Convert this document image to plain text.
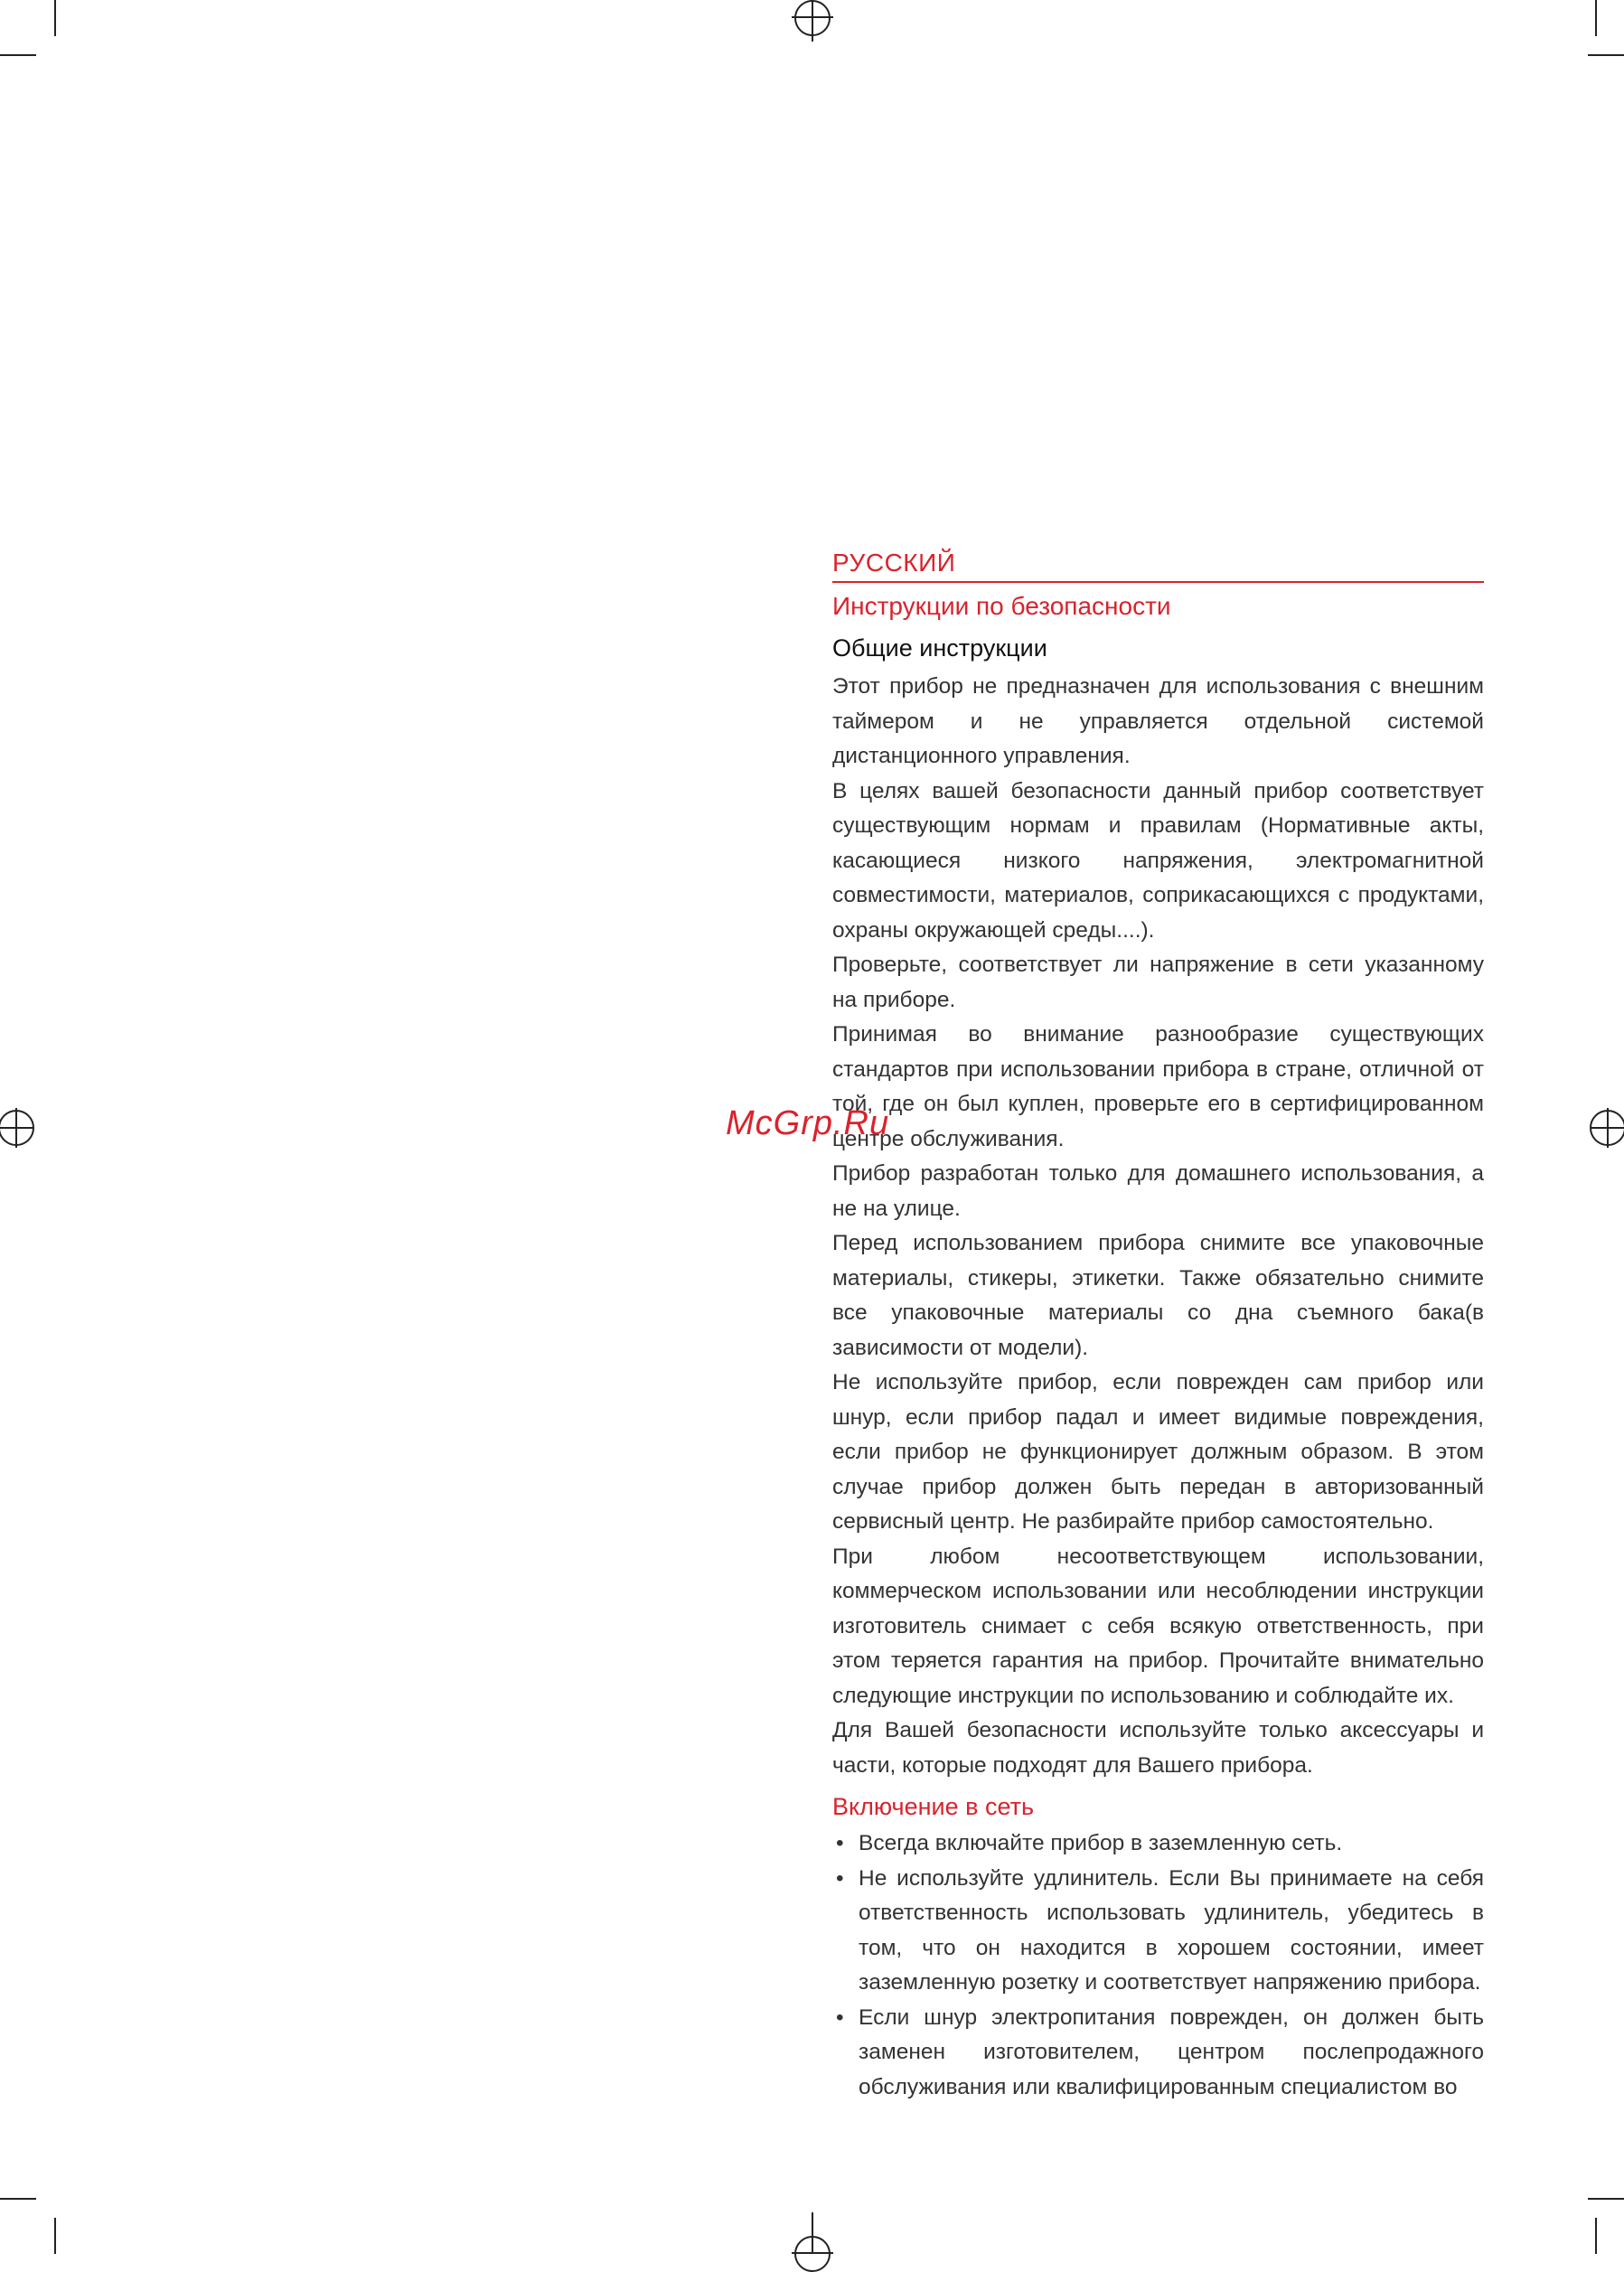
РУССКИЙ
Инструкции по безопасности
Общие инструкции

Этот прибор не предназначен для использования с внешним таймером и не управляется отдельной системой дистанционного управления.

В целях вашей безопасности данный прибор соответствует существующим нормам и правилам (Нормативные акты, касающиеся низкого напряжения, электромагнитной совместимости, материалов, соприкасающихся с продуктами, охраны окружающей среды....).

Проверьте, соответствует ли напряжение в сети указанному на приборе.

Принимая во внимание разнообразие существующих стандартов при использовании прибора в стране, отличной от той, где он был куплен, проверьте его в сертифицированном центре обслуживания.

Прибор разработан только для домашнего использования, а не на улице.

Перед использованием прибора снимите все упаковочные материалы, стикеры, этикетки. Также обязательно снимите все упаковочные материалы со дна съемного бака(в зависимости от модели).

Не используйте прибор, если поврежден сам прибор или шнур, если прибор падал и имеет видимые повреждения, если прибор не функционирует должным образом. В этом случае прибор должен быть передан в авторизованный сервисный центр. Не разбирайте прибор самостоятельно.

При любом несоответствующем использовании, коммерческом использовании или несоблюдении инструкции изготовитель снимает с себя всякую ответственность, при этом теряется гарантия на прибор. Прочитайте внимательно следующие инструкции по использованию и соблюдайте их.

Для Вашей безопасности используйте только аксессуары и части, которые подходят для Вашего прибора.

Включение в сеть
• Всегда включайте прибор в заземленную сеть.
• Не используйте удлинитель. Если Вы принимаете на себя ответственность использовать удлинитель, убедитесь в том, что он находится в хорошем состоянии, имеет заземленную розетку и соответствует напряжению прибора.
• Если шнур электропитания поврежден, он должен быть заменен изготовителем, центром послепродажного обслуживания или квалифицированным специалистом во
McGrp.Ru
